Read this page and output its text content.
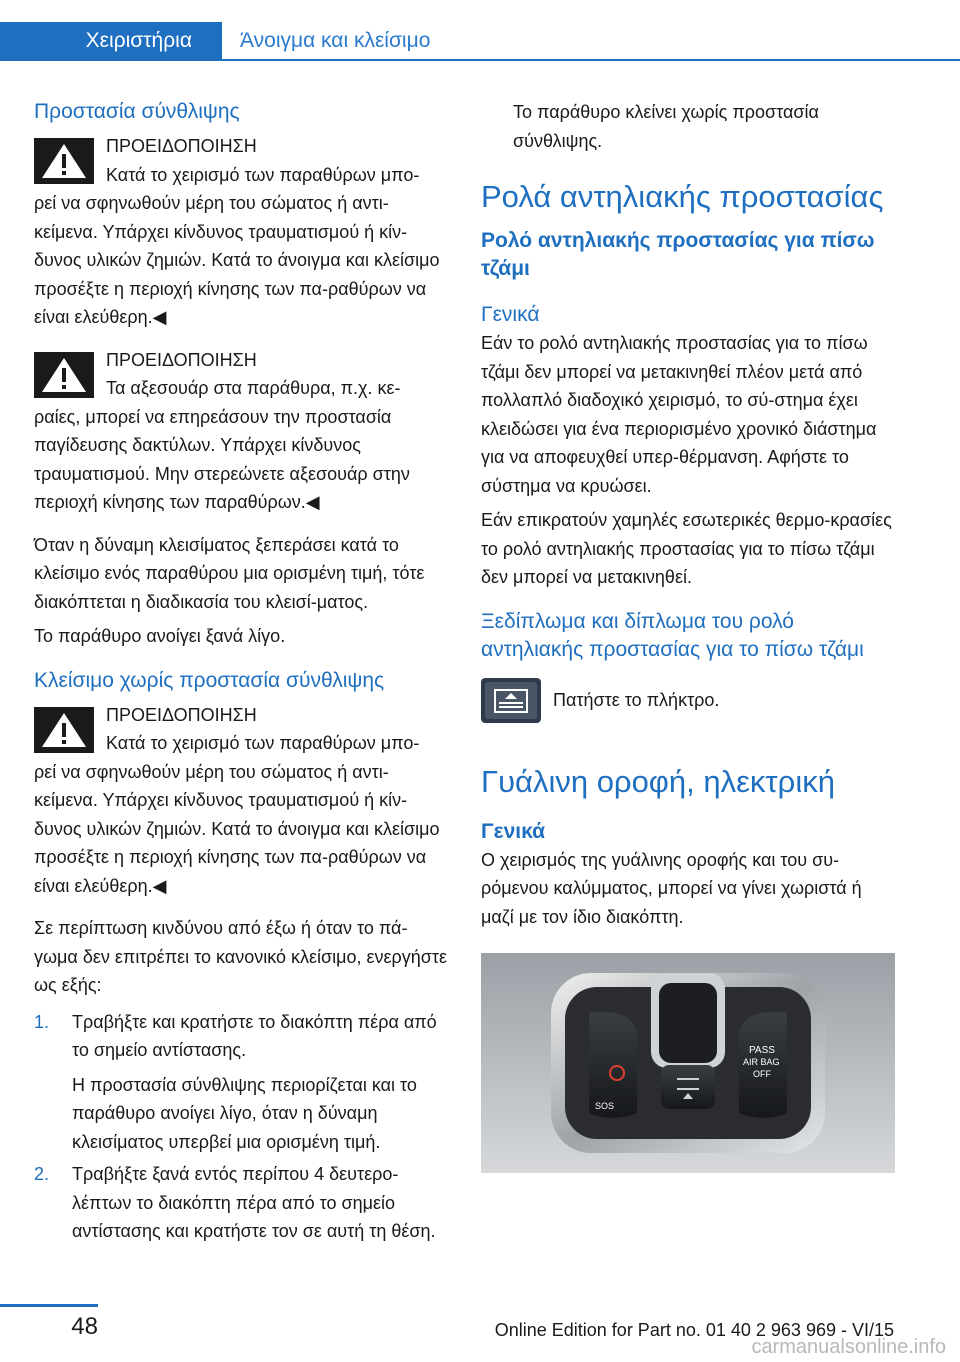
Χειριστήρια	Άνοιγμα και κλείσιμο
Προστασία σύνθλιψης

ΠΡΟΕΙΔΟΠΟΙΗΣΗ

Κατά το χειρισμό των παραθύρων μπο‐

ρεί να σφηνωθούν μέρη του σώματος ή αντι‐κείμενα. Υπάρχει κίνδυνος τραυματισμού ή κίν‐δυνος υλικών ζημιών. Κατά το άνοιγμα και κλείσιμο προσέξτε η περιοχή κίνησης των πα‐ραθύρων να είναι ελεύθερη.◀

ΠΡΟΕΙΔΟΠΟΙΗΣΗ

Τα αξεσουάρ στα παράθυρα, π.χ. κε‐

ραίες, μπορεί να επηρεάσουν την προστασία παγίδευσης δακτύλων. Υπάρχει κίνδυνος τραυματισμού. Μην στερεώνετε αξεσουάρ στην περιοχή κίνησης των παραθύρων.◀

Όταν η δύναμη κλεισίματος ξεπεράσει κατά το κλείσιμο ενός παραθύρου μια ορισμένη τιμή, τότε διακόπτεται η διαδικασία του κλεισί‐ματος.

Το παράθυρο ανοίγει ξανά λίγο.

Κλείσιμο χωρίς προστασία σύνθλιψης

ΠΡΟΕΙΔΟΠΟΙΗΣΗ

Κατά το χειρισμό των παραθύρων μπο‐

ρεί να σφηνωθούν μέρη του σώματος ή αντι‐κείμενα. Υπάρχει κίνδυνος τραυματισμού ή κίν‐δυνος υλικών ζημιών. Κατά το άνοιγμα και κλείσιμο προσέξτε η περιοχή κίνησης των πα‐ραθύρων να είναι ελεύθερη.◀

Σε περίπτωση κινδύνου από έξω ή όταν το πά‐γωμα δεν επιτρέπει το κανονικό κλείσιμο, ενεργήστε ως εξής:

1. Τραβήξτε και κρατήστε το διακόπτη πέρα από το σημείο αντίστασης.

Η προστασία σύνθλιψης περιορίζεται και το παράθυρο ανοίγει λίγο, όταν η δύναμη κλεισίματος υπερβεί μια ορισμένη τιμή.

2. Τραβήξτε ξανά εντός περίπου 4 δευτερο‐λέπτων το διακόπτη πέρα από το σημείο αντίστασης και κρατήστε τον σε αυτή τη θέση.

Το παράθυρο κλείνει χωρίς προστασία σύνθλιψης.

Ρολά αντηλιακής προστασίας
Ρολό αντηλιακής προστασίας για πίσω τζάμι
Γενικά

Εάν το ρολό αντηλιακής προστασίας για το πίσω τζάμι δεν μπορεί να μετακινηθεί πλέον μετά από πολλαπλό διαδοχικό χειρισμό, το σύ‐στημα έχει κλειδώσει για ένα περιορισμένο χρονικό διάστημα για να αποφευχθεί υπερ‐θέρμανση. Αφήστε το σύστημα να κρυώσει.

Εάν επικρατούν χαμηλές εσωτερικές θερμο‐κρασίες το ρολό αντηλιακής προστασίας για το πίσω τζάμι δεν μπορεί να μετακινηθεί.

Ξεδίπλωμα και δίπλωμα του ρολό αντηλιακής προστασίας για το πίσω τζάμι
Πατήστε το πλήκτρο.
Γυάλινη οροφή, ηλεκτρική
Γενικά

Ο χειρισμός της γυάλινης οροφής και του συ‐ρόμενου καλύμματος, μπορεί να γίνει χωριστά ή μαζί με τον ίδιο διακόπτη.

SOS
PASS
AIR BAG
OFF
48	Online Edition for Part no. 01 40 2 963 969 - VI/15
carmanualsonline.info
